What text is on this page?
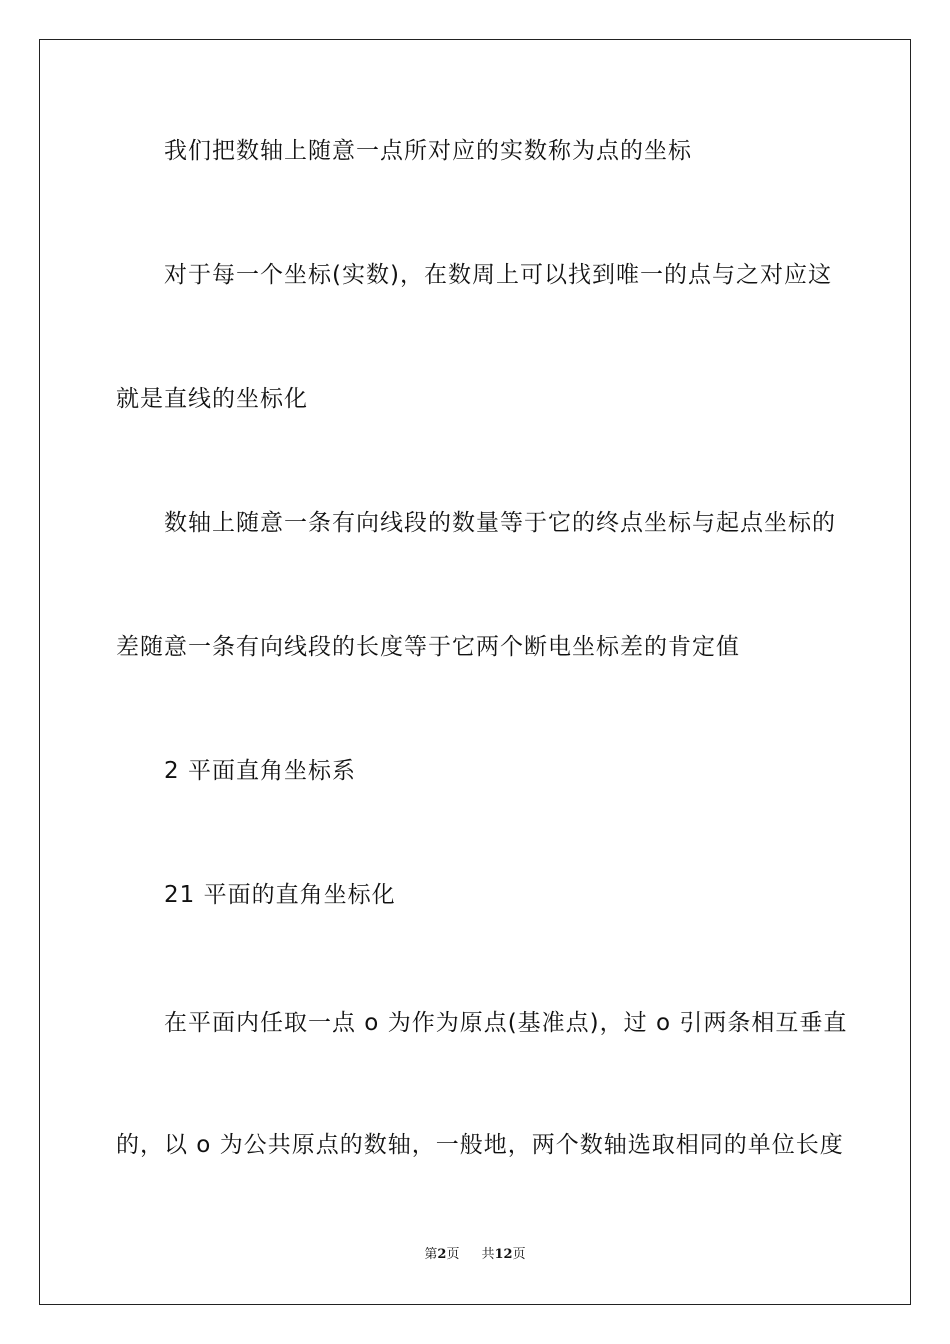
我们把数轴上随意一点所对应的实数称为点的坐标
对于每一个坐标(实数)，在数周上可以找到唯一的点与之对应这
就是直线的坐标化
数轴上随意一条有向线段的数量等于它的终点坐标与起点坐标的
差随意一条有向线段的长度等于它两个断电坐标差的肯定值
2 平面直角坐标系
21 平面的直角坐标化
在平面内任取一点 o 为作为原点(基准点)，过 o 引两条相互垂直
的，以 o 为公共原点的数轴，一般地，两个数轴选取相同的单位长度
第2页 共12页
